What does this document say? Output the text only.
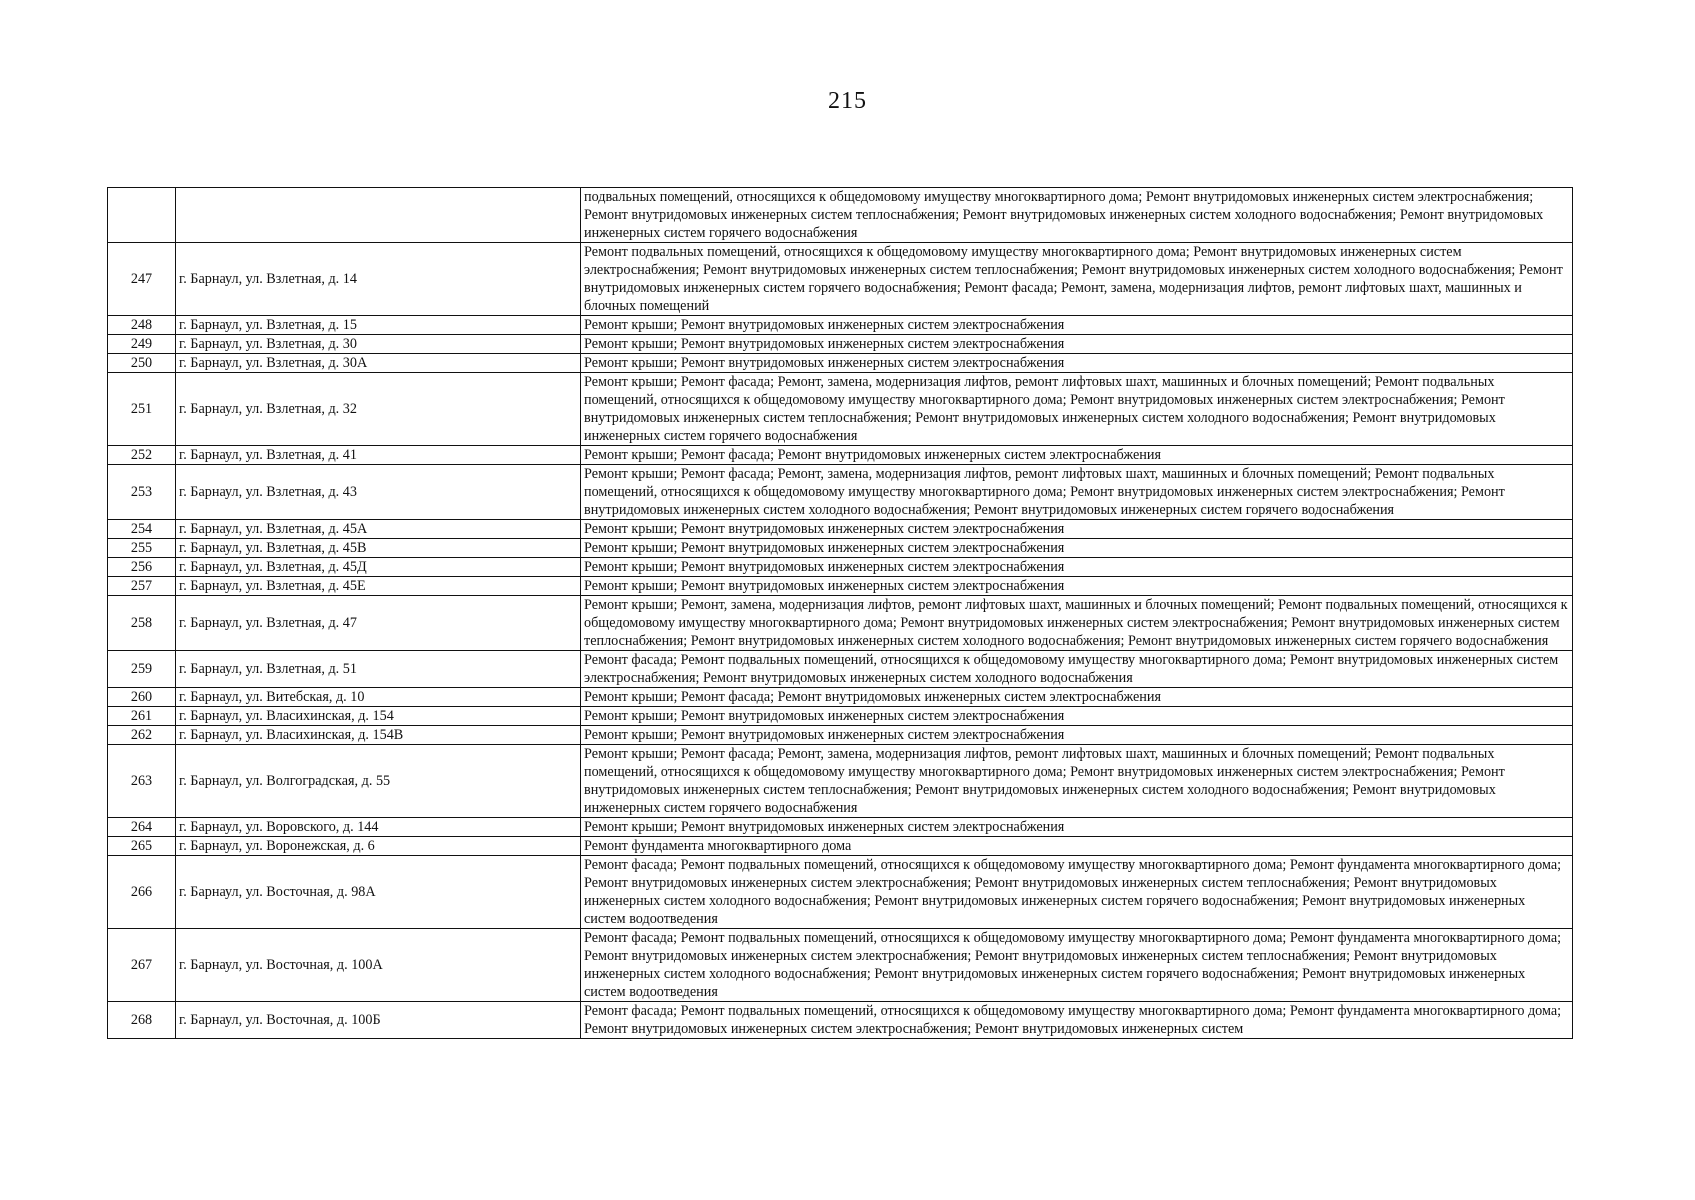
215
		подвальных помещений, относящихся к общедомовому имуществу многоквартирного дома; Ремонт внутридомовых инженерных систем электроснабжения; Ремонт внутридомовых инженерных систем теплоснабжения; Ремонт внутридомовых инженерных систем холодного водоснабжения; Ремонт внутридомовых инженерных систем горячего водоснабжения
247	г. Барнаул, ул. Взлетная, д. 14	Ремонт подвальных помещений, относящихся к общедомовому имуществу многоквартирного дома; Ремонт внутридомовых инженерных систем электроснабжения; Ремонт внутридомовых инженерных систем теплоснабжения; Ремонт внутридомовых инженерных систем холодного водоснабжения; Ремонт внутридомовых инженерных систем горячего водоснабжения; Ремонт фасада; Ремонт, замена, модернизация лифтов, ремонт лифтовых шахт, машинных и блочных помещений
248	г. Барнаул, ул. Взлетная, д. 15	Ремонт крыши; Ремонт внутридомовых инженерных систем электроснабжения
249	г. Барнаул, ул. Взлетная, д. 30	Ремонт крыши; Ремонт внутридомовых инженерных систем электроснабжения
250	г. Барнаул, ул. Взлетная, д. 30А	Ремонт крыши; Ремонт внутридомовых инженерных систем электроснабжения
251	г. Барнаул, ул. Взлетная, д. 32	Ремонт крыши; Ремонт фасада; Ремонт, замена, модернизация лифтов, ремонт лифтовых шахт, машинных и блочных помещений; Ремонт подвальных помещений, относящихся к общедомовому имуществу многоквартирного дома; Ремонт внутридомовых инженерных систем электроснабжения; Ремонт внутридомовых инженерных систем теплоснабжения; Ремонт внутридомовых инженерных систем холодного водоснабжения; Ремонт внутридомовых инженерных систем горячего водоснабжения
252	г. Барнаул, ул. Взлетная, д. 41	Ремонт крыши; Ремонт фасада; Ремонт внутридомовых инженерных систем электроснабжения
253	г. Барнаул, ул. Взлетная, д. 43	Ремонт крыши; Ремонт фасада; Ремонт, замена, модернизация лифтов, ремонт лифтовых шахт, машинных и блочных помещений; Ремонт подвальных помещений, относящихся к общедомовому имуществу многоквартирного дома; Ремонт внутридомовых инженерных систем электроснабжения; Ремонт внутридомовых инженерных систем холодного водоснабжения; Ремонт внутридомовых инженерных систем горячего водоснабжения
254	г. Барнаул, ул. Взлетная, д. 45А	Ремонт крыши; Ремонт внутридомовых инженерных систем электроснабжения
255	г. Барнаул, ул. Взлетная, д. 45В	Ремонт крыши; Ремонт внутридомовых инженерных систем электроснабжения
256	г. Барнаул, ул. Взлетная, д. 45Д	Ремонт крыши; Ремонт внутридомовых инженерных систем электроснабжения
257	г. Барнаул, ул. Взлетная, д. 45Е	Ремонт крыши; Ремонт внутридомовых инженерных систем электроснабжения
258	г. Барнаул, ул. Взлетная, д. 47	Ремонт крыши; Ремонт, замена, модернизация лифтов, ремонт лифтовых шахт, машинных и блочных помещений; Ремонт подвальных помещений, относящихся к общедомовому имуществу многоквартирного дома; Ремонт внутридомовых инженерных систем электроснабжения; Ремонт внутридомовых инженерных систем теплоснабжения; Ремонт внутридомовых инженерных систем холодного водоснабжения; Ремонт внутридомовых инженерных систем горячего водоснабжения
259	г. Барнаул, ул. Взлетная, д. 51	Ремонт фасада; Ремонт подвальных помещений, относящихся к общедомовому имуществу многоквартирного дома; Ремонт внутридомовых инженерных систем электроснабжения; Ремонт внутридомовых инженерных систем холодного водоснабжения
260	г. Барнаул, ул. Витебская, д. 10	Ремонт крыши; Ремонт фасада; Ремонт внутридомовых инженерных систем электроснабжения
261	г. Барнаул, ул. Власихинская, д. 154	Ремонт крыши; Ремонт внутридомовых инженерных систем электроснабжения
262	г. Барнаул, ул. Власихинская, д. 154В	Ремонт крыши; Ремонт внутридомовых инженерных систем электроснабжения
263	г. Барнаул, ул. Волгоградская, д. 55	Ремонт крыши; Ремонт фасада; Ремонт, замена, модернизация лифтов, ремонт лифтовых шахт, машинных и блочных помещений; Ремонт подвальных помещений, относящихся к общедомовому имуществу многоквартирного дома; Ремонт внутридомовых инженерных систем электроснабжения; Ремонт внутридомовых инженерных систем теплоснабжения; Ремонт внутридомовых инженерных систем холодного водоснабжения; Ремонт внутридомовых инженерных систем горячего водоснабжения
264	г. Барнаул, ул. Воровского, д. 144	Ремонт крыши; Ремонт внутридомовых инженерных систем электроснабжения
265	г. Барнаул, ул. Воронежская, д. 6	Ремонт фундамента многоквартирного дома
266	г. Барнаул, ул. Восточная, д. 98А	Ремонт фасада; Ремонт подвальных помещений, относящихся к общедомовому имуществу многоквартирного дома; Ремонт фундамента многоквартирного дома; Ремонт внутридомовых инженерных систем электроснабжения; Ремонт внутридомовых инженерных систем теплоснабжения; Ремонт внутридомовых инженерных систем холодного водоснабжения; Ремонт внутридомовых инженерных систем горячего водоснабжения; Ремонт внутридомовых инженерных систем водоотведения
267	г. Барнаул, ул. Восточная, д. 100А	Ремонт фасада; Ремонт подвальных помещений, относящихся к общедомовому имуществу многоквартирного дома; Ремонт фундамента многоквартирного дома; Ремонт внутридомовых инженерных систем электроснабжения; Ремонт внутридомовых инженерных систем теплоснабжения; Ремонт внутридомовых инженерных систем холодного водоснабжения; Ремонт внутридомовых инженерных систем горячего водоснабжения; Ремонт внутридомовых инженерных систем водоотведения
268	г. Барнаул, ул. Восточная, д. 100Б	Ремонт фасада; Ремонт подвальных помещений, относящихся к общедомовому имуществу многоквартирного дома; Ремонт фундамента многоквартирного дома; Ремонт внутридомовых инженерных систем электроснабжения; Ремонт внутридомовых инженерных систем
